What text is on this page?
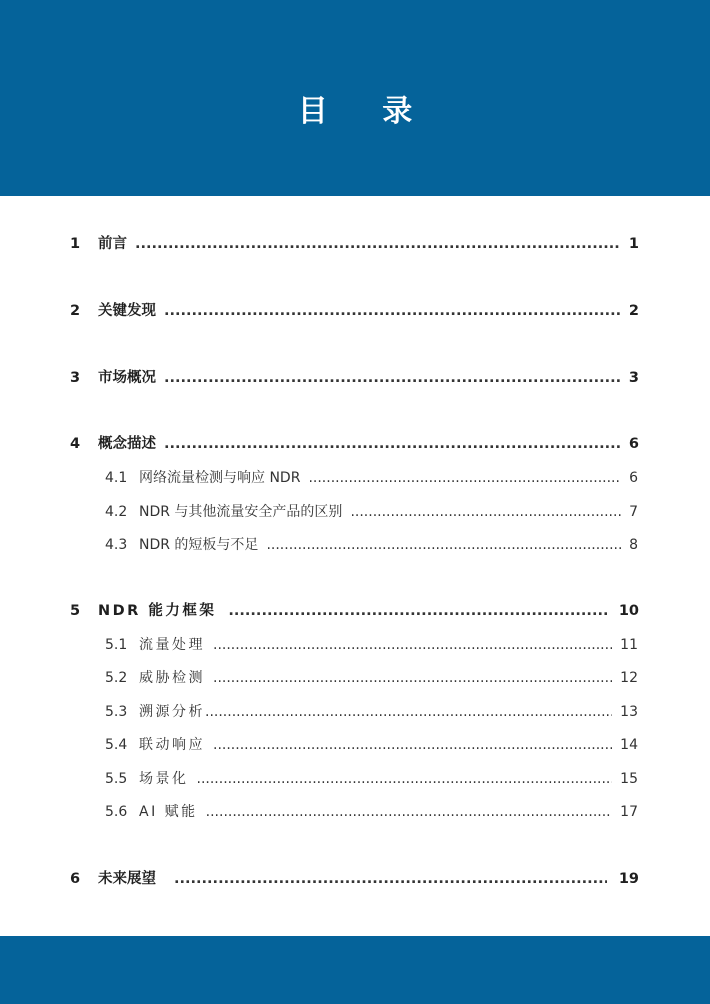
目 录
1	前言 .....	1
2	关键发现 .....	2
3	市场概况 .....	3
4	概念描述 .....	6
4.1 网络流量检测与响应 NDR .....	6
4.2 NDR 与其他流量安全产品的区别 .....	7
4.3 NDR 的短板与不足 .....	8
5	NDR 能力框架 .....	10
5.1 流量处理 .....	11
5.2 威胁检测 .....	12
5.3 溯源分析 .....	13
5.4 联动响应 .....	14
5.5 场景化 .....	15
5.6 AI 赋能 .....	17
6	未来展望 .....	19
